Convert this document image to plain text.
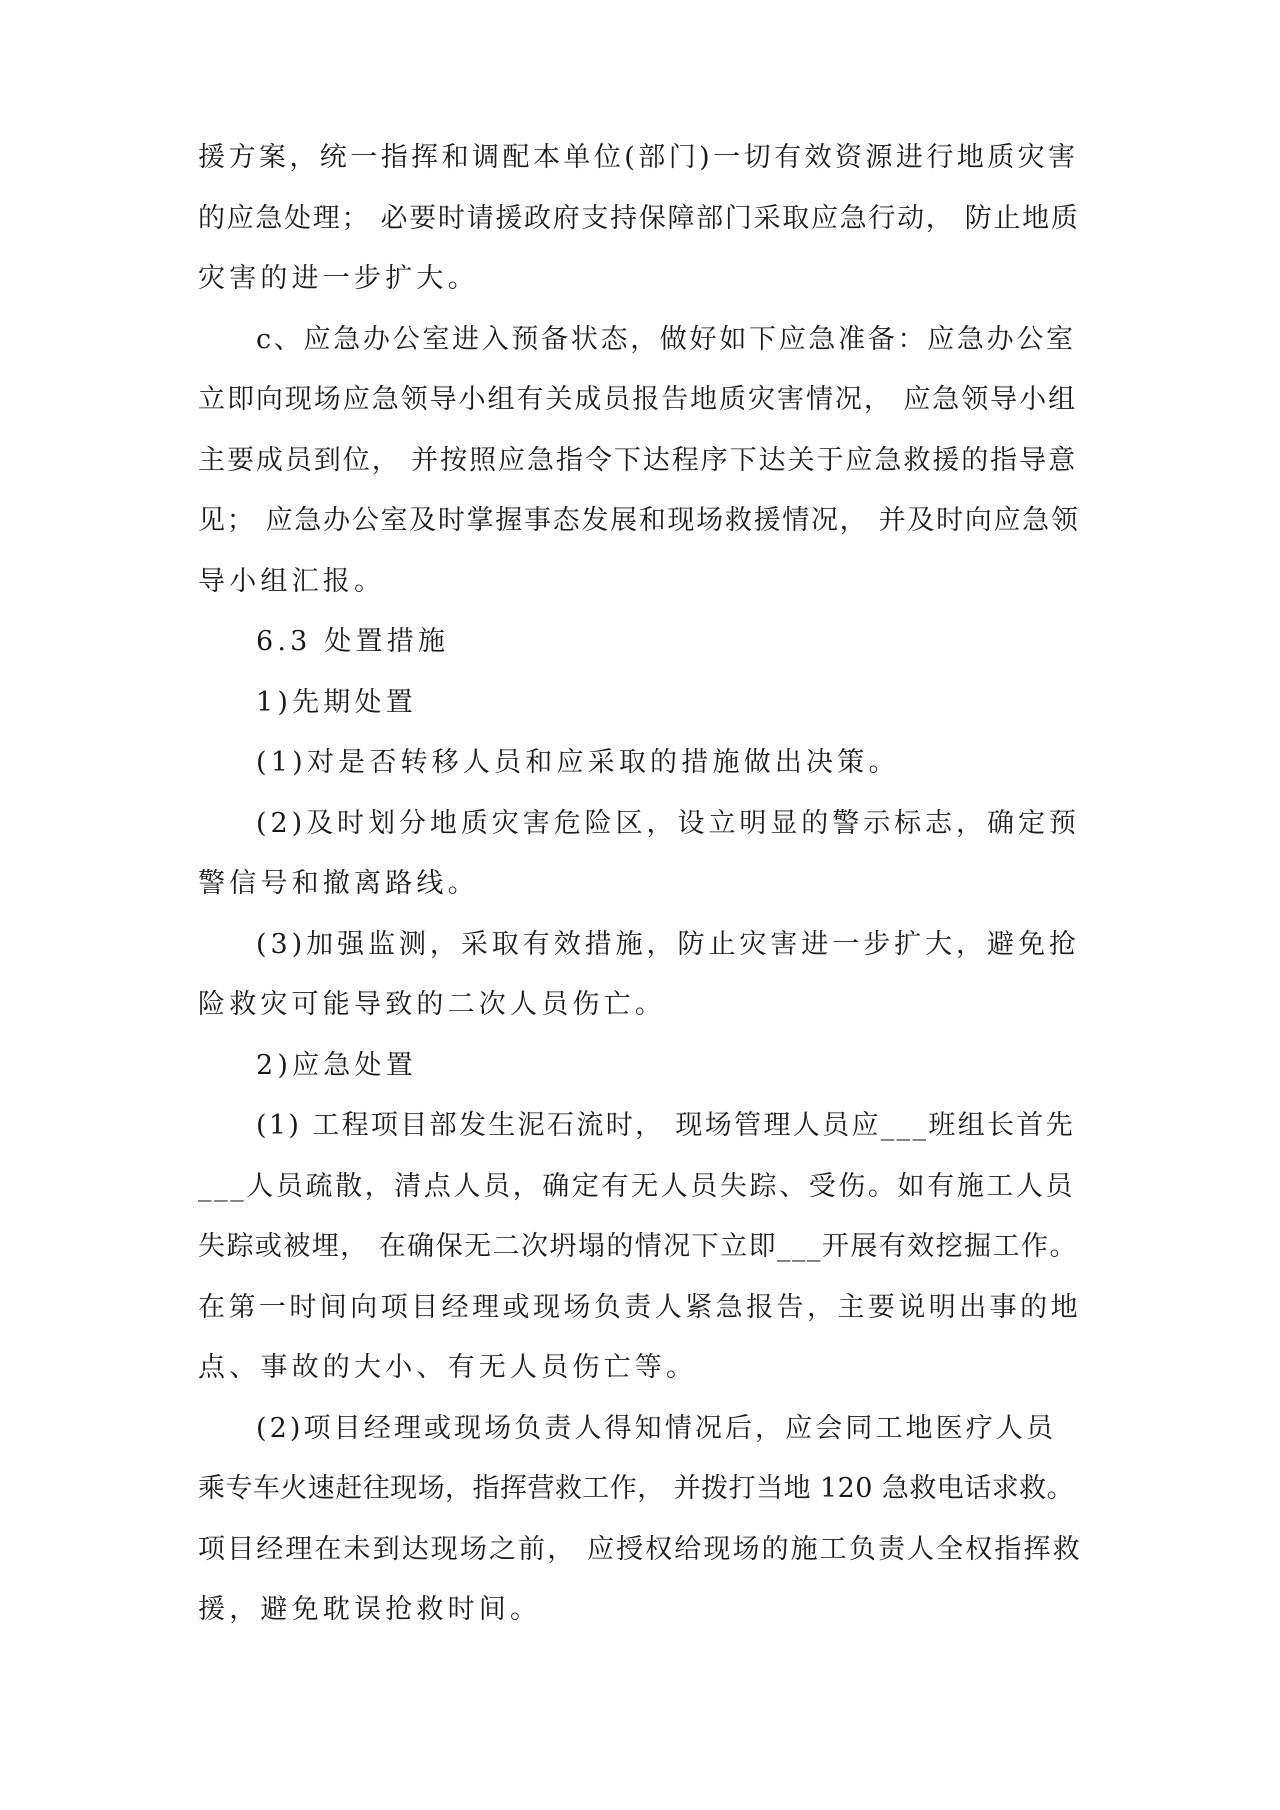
援方案，统一指挥和调配本单位(部门)一切有效资源进行地质灾害
的应急处理； 必要时请援政府支持保障部门采取应急行动， 防止地质
灾害的进一步扩大。
c、应急办公室进入预备状态，做好如下应急准备：应急办公室
立即向现场应急领导小组有关成员报告地质灾害情况， 应急领导小组
主要成员到位， 并按照应急指令下达程序下达关于应急救援的指导意
见； 应急办公室及时掌握事态发展和现场救援情况， 并及时向应急领
导小组汇报。
6.3 处置措施
1)先期处置
(1)对是否转移人员和应采取的措施做出决策。
(2)及时划分地质灾害危险区，设立明显的警示标志，确定预
警信号和撤离路线。
(3)加强监测，采取有效措施，防止灾害进一步扩大，避免抢
险救灾可能导致的二次人员伤亡。
2)应急处置
(1) 工程项目部发生泥石流时， 现场管理人员应___班组长首先
___人员疏散，清点人员，确定有无人员失踪、受伤。如有施工人员
失踪或被埋， 在确保无二次坍塌的情况下立即___开展有效挖掘工作。
在第一时间向项目经理或现场负责人紧急报告，主要说明出事的地
点、事故的大小、有无人员伤亡等。
(2)项目经理或现场负责人得知情况后，应会同工地医疗人员
乘专车火速赶往现场，指挥营救工作， 并拨打当地 120 急救电话求救。
项目经理在未到达现场之前， 应授权给现场的施工负责人全权指挥救
援，避免耽误抢救时间。
